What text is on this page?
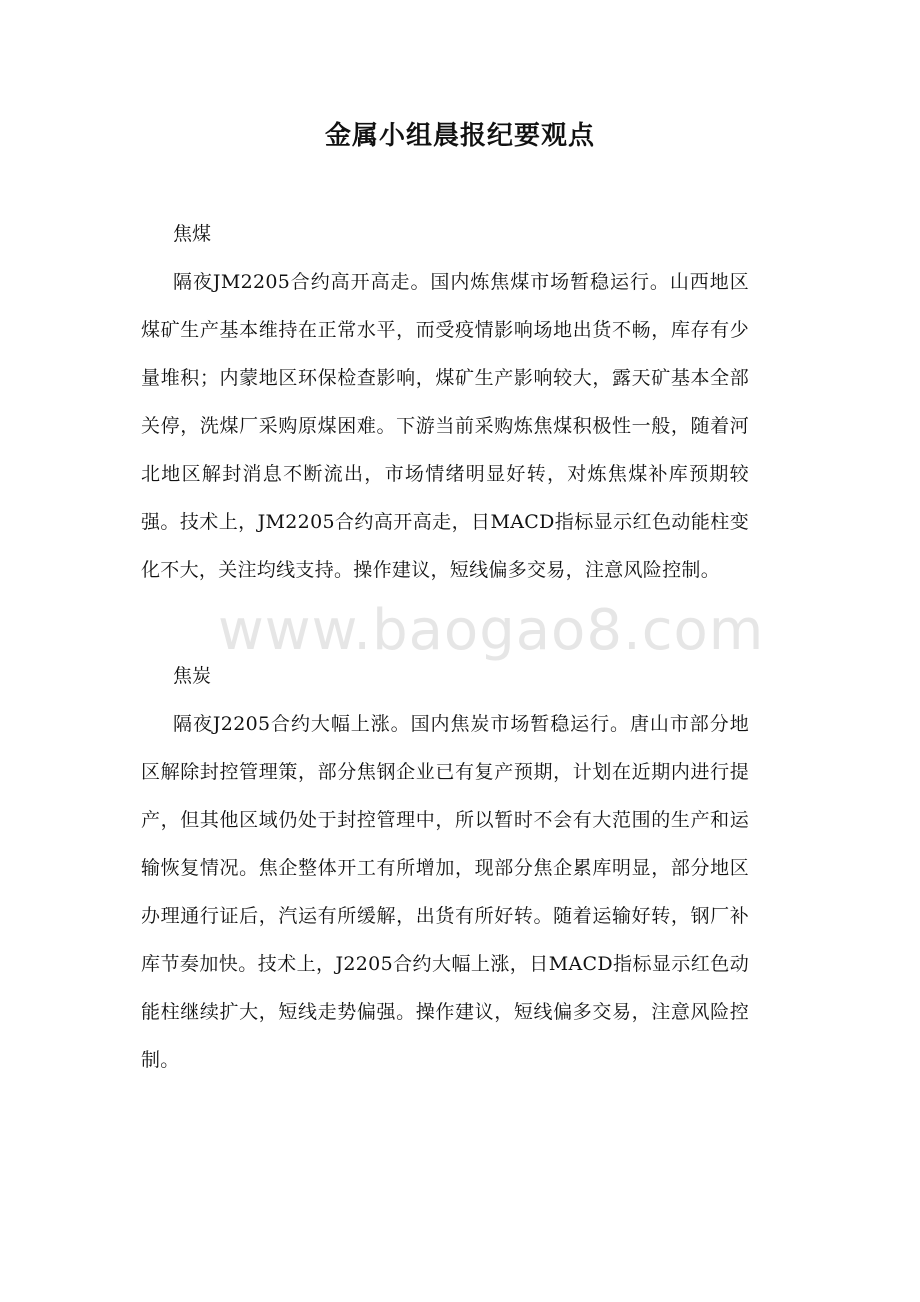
金属小组晨报纪要观点

焦煤

隔夜JM2205合约高开高走。国内炼焦煤市场暂稳运行。山西地区煤矿生产基本维持在正常水平，而受疫情影响场地出货不畅，库存有少量堆积；内蒙地区环保检查影响，煤矿生产影响较大，露天矿基本全部关停，洗煤厂采购原煤困难。下游当前采购炼焦煤积极性一般，随着河北地区解封消息不断流出，市场情绪明显好转，对炼焦煤补库预期较强。技术上，JM2205合约高开高走，日MACD指标显示红色动能柱变化不大，关注均线支持。操作建议，短线偏多交易，注意风险控制。

焦炭

隔夜J2205合约大幅上涨。国内焦炭市场暂稳运行。唐山市部分地区解除封控管理策，部分焦钢企业已有复产预期，计划在近期内进行提产，但其他区域仍处于封控管理中，所以暂时不会有大范围的生产和运输恢复情况。焦企整体开工有所增加，现部分焦企累库明显，部分地区办理通行证后，汽运有所缓解，出货有所好转。随着运输好转，钢厂补库节奏加快。技术上，J2205合约大幅上涨，日MACD指标显示红色动能柱继续扩大，短线走势偏强。操作建议，短线偏多交易，注意风险控制。

www.baogao8.com
